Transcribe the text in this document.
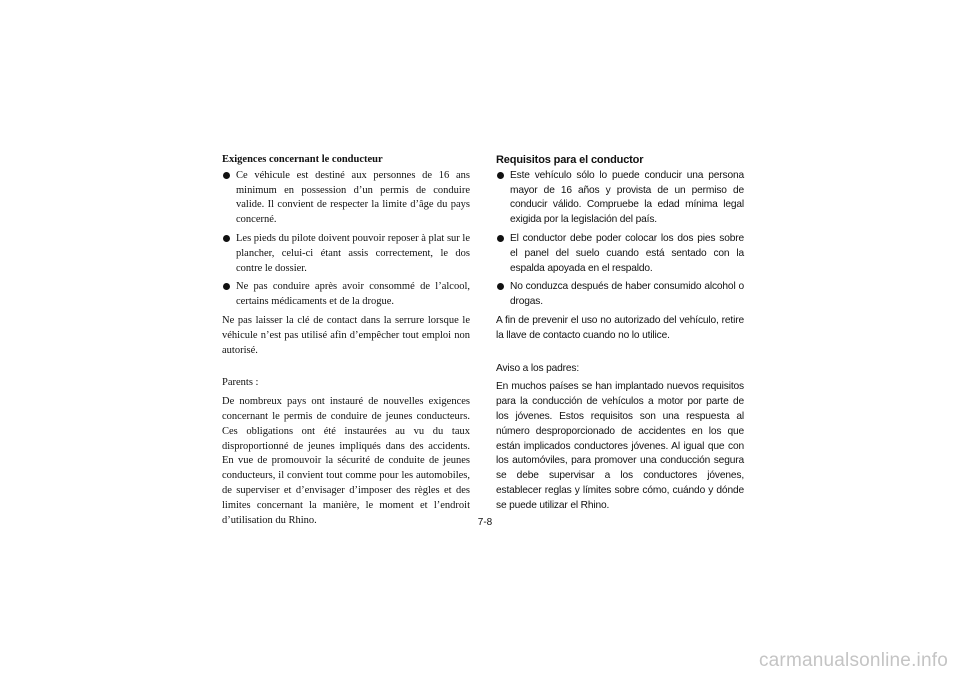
Exigences concernant le conducteur
Ce véhicule est destiné aux personnes de 16 ans minimum en possession d’un permis de conduire valide. Il convient de respecter la limite d’âge du pays concerné.
Les pieds du pilote doivent pouvoir reposer à plat sur le plancher, celui-ci étant assis correctement, le dos contre le dossier.
Ne pas conduire après avoir consommé de l’alcool, certains médicaments et de la drogue.

Ne pas laisser la clé de contact dans la serrure lorsque le véhicule n’est pas utilisé afin d’empêcher tout emploi non autorisé.

Parents :

De nombreux pays ont instauré de nouvelles exigences concernant le permis de conduire de jeunes conducteurs. Ces obligations ont été instaurées au vu du taux disproportionné de jeunes impliqués dans des accidents. En vue de promouvoir la sécurité de conduite de jeunes conducteurs, il convient tout comme pour les automobiles, de superviser et d’envisager d’imposer des règles et des limites concernant la manière, le moment et l’endroit d’utilisation du Rhino.

Requisitos para el conductor
Este vehículo sólo lo puede conducir una persona mayor de 16 años y provista de un permiso de conducir válido. Compruebe la edad mínima legal exigida por la legislación del país.
El conductor debe poder colocar los dos pies sobre el panel del suelo cuando está sentado con la espalda apoyada en el respaldo.
No conduzca después de haber consumido alcohol o drogas.

A fin de prevenir el uso no autorizado del vehículo, retire la llave de contacto cuando no lo utilice.

Aviso a los padres:

En muchos países se han implantado nuevos requisitos para la conducción de vehículos a motor por parte de los jóvenes. Estos requisitos son una respuesta al número desproporcionado de accidentes en los que están implicados conductores jóvenes. Al igual que con los automóviles, para promover una conducción segura se debe supervisar a los conductores jóvenes, establecer reglas y límites sobre cómo, cuándo y dónde se puede utilizar el Rhino.

7-8
carmanualsonline.info
